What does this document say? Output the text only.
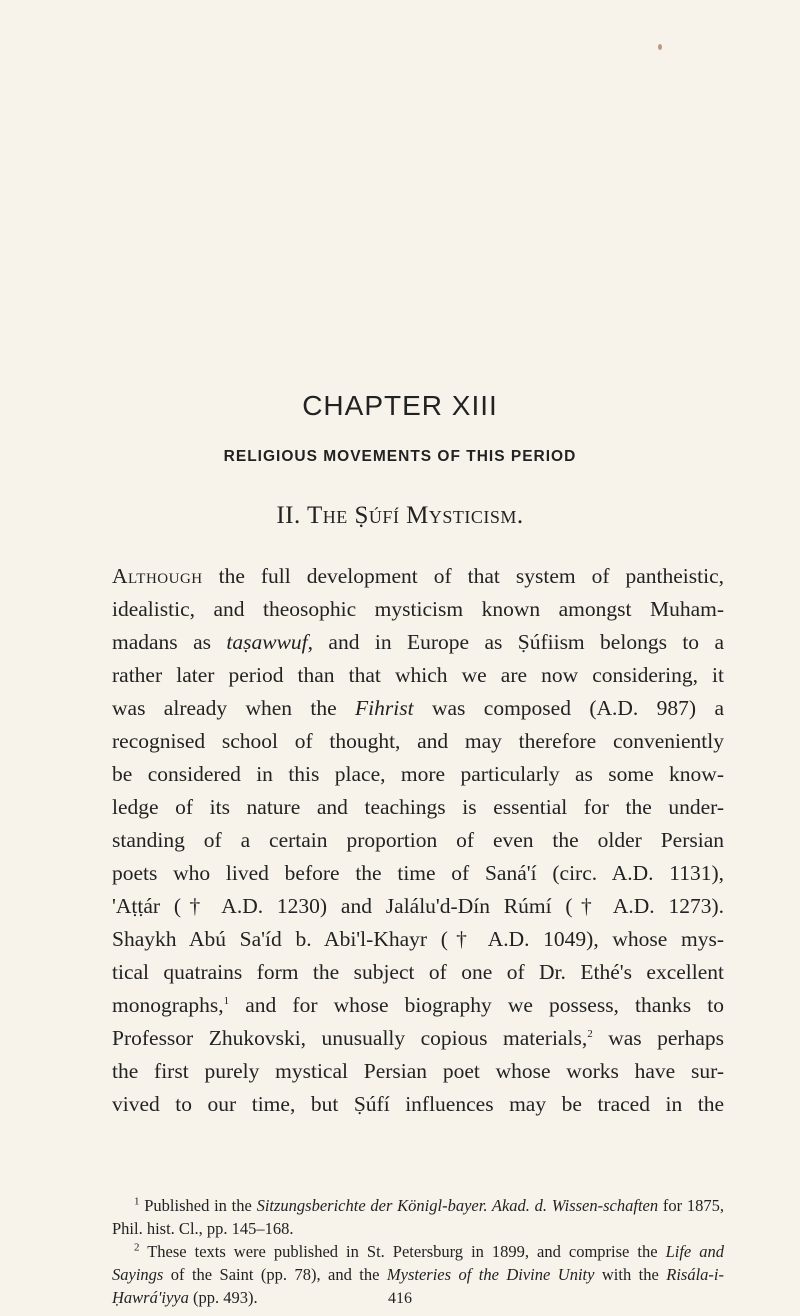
CHAPTER XIII
RELIGIOUS MOVEMENTS OF THIS PERIOD
II. The Ṣúfí Mysticism.
Although the full development of that system of pantheistic,
idealistic, and theosophic mysticism known amongst Muham-
madans as taṣawwuf, and in Europe as Ṣúfiism belongs to a
rather later period than that which we are now considering, it
was already when the Fihrist was composed (A.D. 987) a
recognised school of thought, and may therefore conveniently
be considered in this place, more particularly as some know-
ledge of its nature and teachings is essential for the under-
standing of a certain proportion of even the older Persian
poets who lived before the time of Saná'í (circ. A.D. 1131),
'Aṭṭár († A.D. 1230) and Jalálu'd-Dín Rúmí († A.D. 1273).
Shaykh Abú Sa'íd b. Abi'l-Khayr († A.D. 1049), whose mys-
tical quatrains form the subject of one of Dr. Ethé's excellent
monographs,$^1$ and for whose biography we possess, thanks to
Professor Zhukovski, unusually copious materials,$^2$ was perhaps
the first purely mystical Persian poet whose works have sur-
vived to our time, but Ṣúfí influences may be traced in the

$^1$ Published in the Sitzungsberichte der Königl-bayer. Akad. d. Wissen-schaften for 1875, Phil. hist. Cl., pp. 145–168.

$^2$ These texts were published in St. Petersburg in 1899, and comprise the Life and Sayings of the Saint (pp. 78), and the Mysteries of the Divine Unity with the Risála-i-Ḥawrá'iyya (pp. 493).	416
